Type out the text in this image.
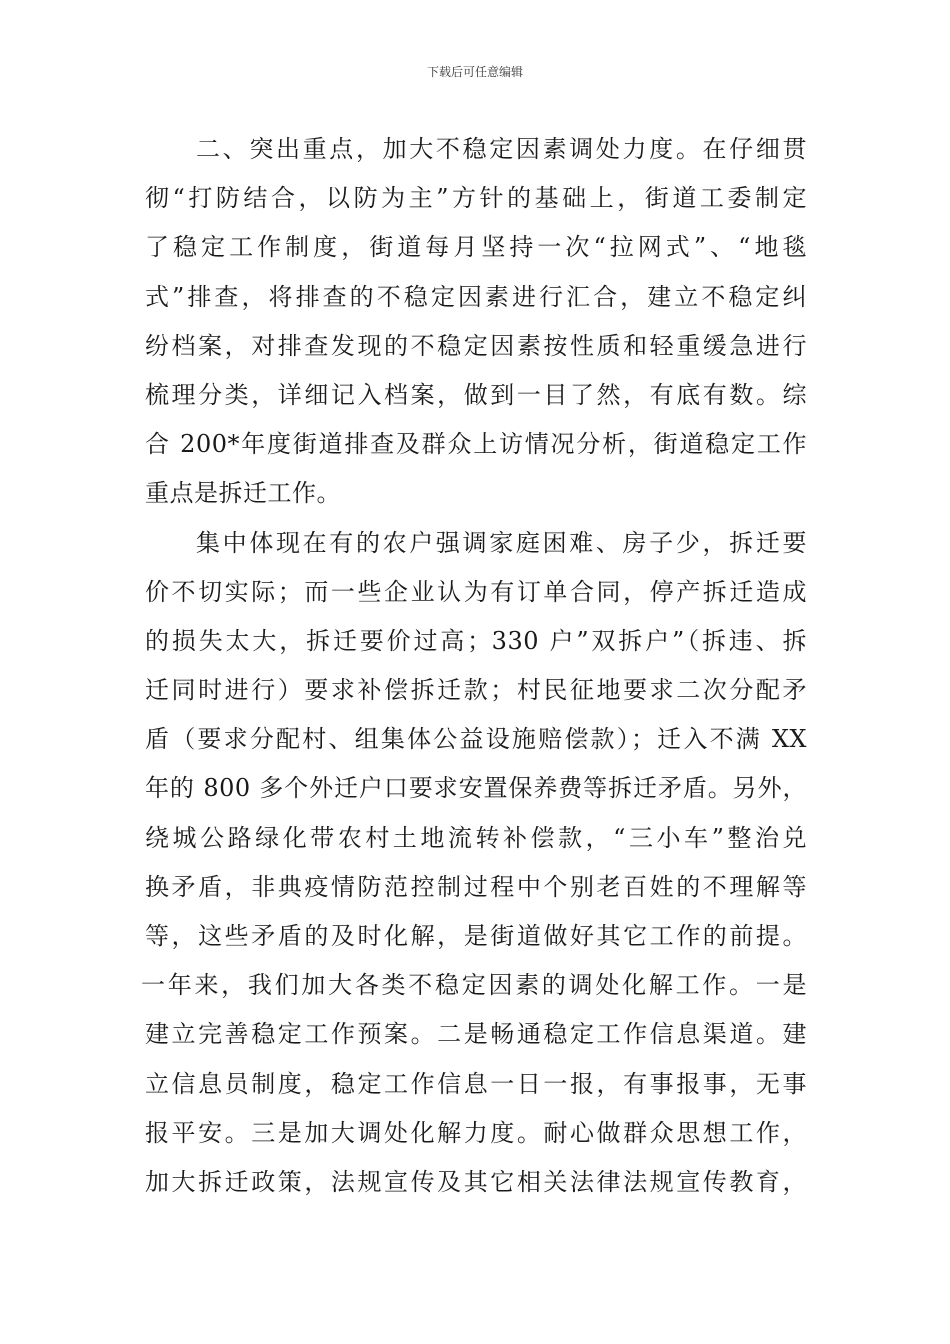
下载后可任意编辑
二、突出重点，加大不稳定因素调处力度。在仔细贯
彻“打防结合，以防为主”方针的基础上，街道工委制定
了稳定工作制度，街道每月坚持一次“拉网式”、“地毯
式”排查，将排查的不稳定因素进行汇合，建立不稳定纠
纷档案，对排查发现的不稳定因素按性质和轻重缓急进行
梳理分类，详细记入档案，做到一目了然，有底有数。综
合 200*年度街道排查及群众上访情况分析，街道稳定工作
重点是拆迁工作。
集中体现在有的农户强调家庭困难、房子少，拆迁要
价不切实际；而一些企业认为有订单合同，停产拆迁造成
的损失太大，拆迁要价过高；330 户”双拆户”（拆违、拆
迁同时进行）要求补偿拆迁款；村民征地要求二次分配矛
盾（要求分配村、组集体公益设施赔偿款）；迁入不满 XX
年的 800 多个外迁户口要求安置保养费等拆迁矛盾。另外，
绕城公路绿化带农村土地流转补偿款，“三小车”整治兑
换矛盾，非典疫情防范控制过程中个别老百姓的不理解等
等，这些矛盾的及时化解，是街道做好其它工作的前提。
一年来，我们加大各类不稳定因素的调处化解工作。一是
建立完善稳定工作预案。二是畅通稳定工作信息渠道。建
立信息员制度，稳定工作信息一日一报，有事报事，无事
报平安。三是加大调处化解力度。耐心做群众思想工作，
加大拆迁政策，法规宣传及其它相关法律法规宣传教育，
